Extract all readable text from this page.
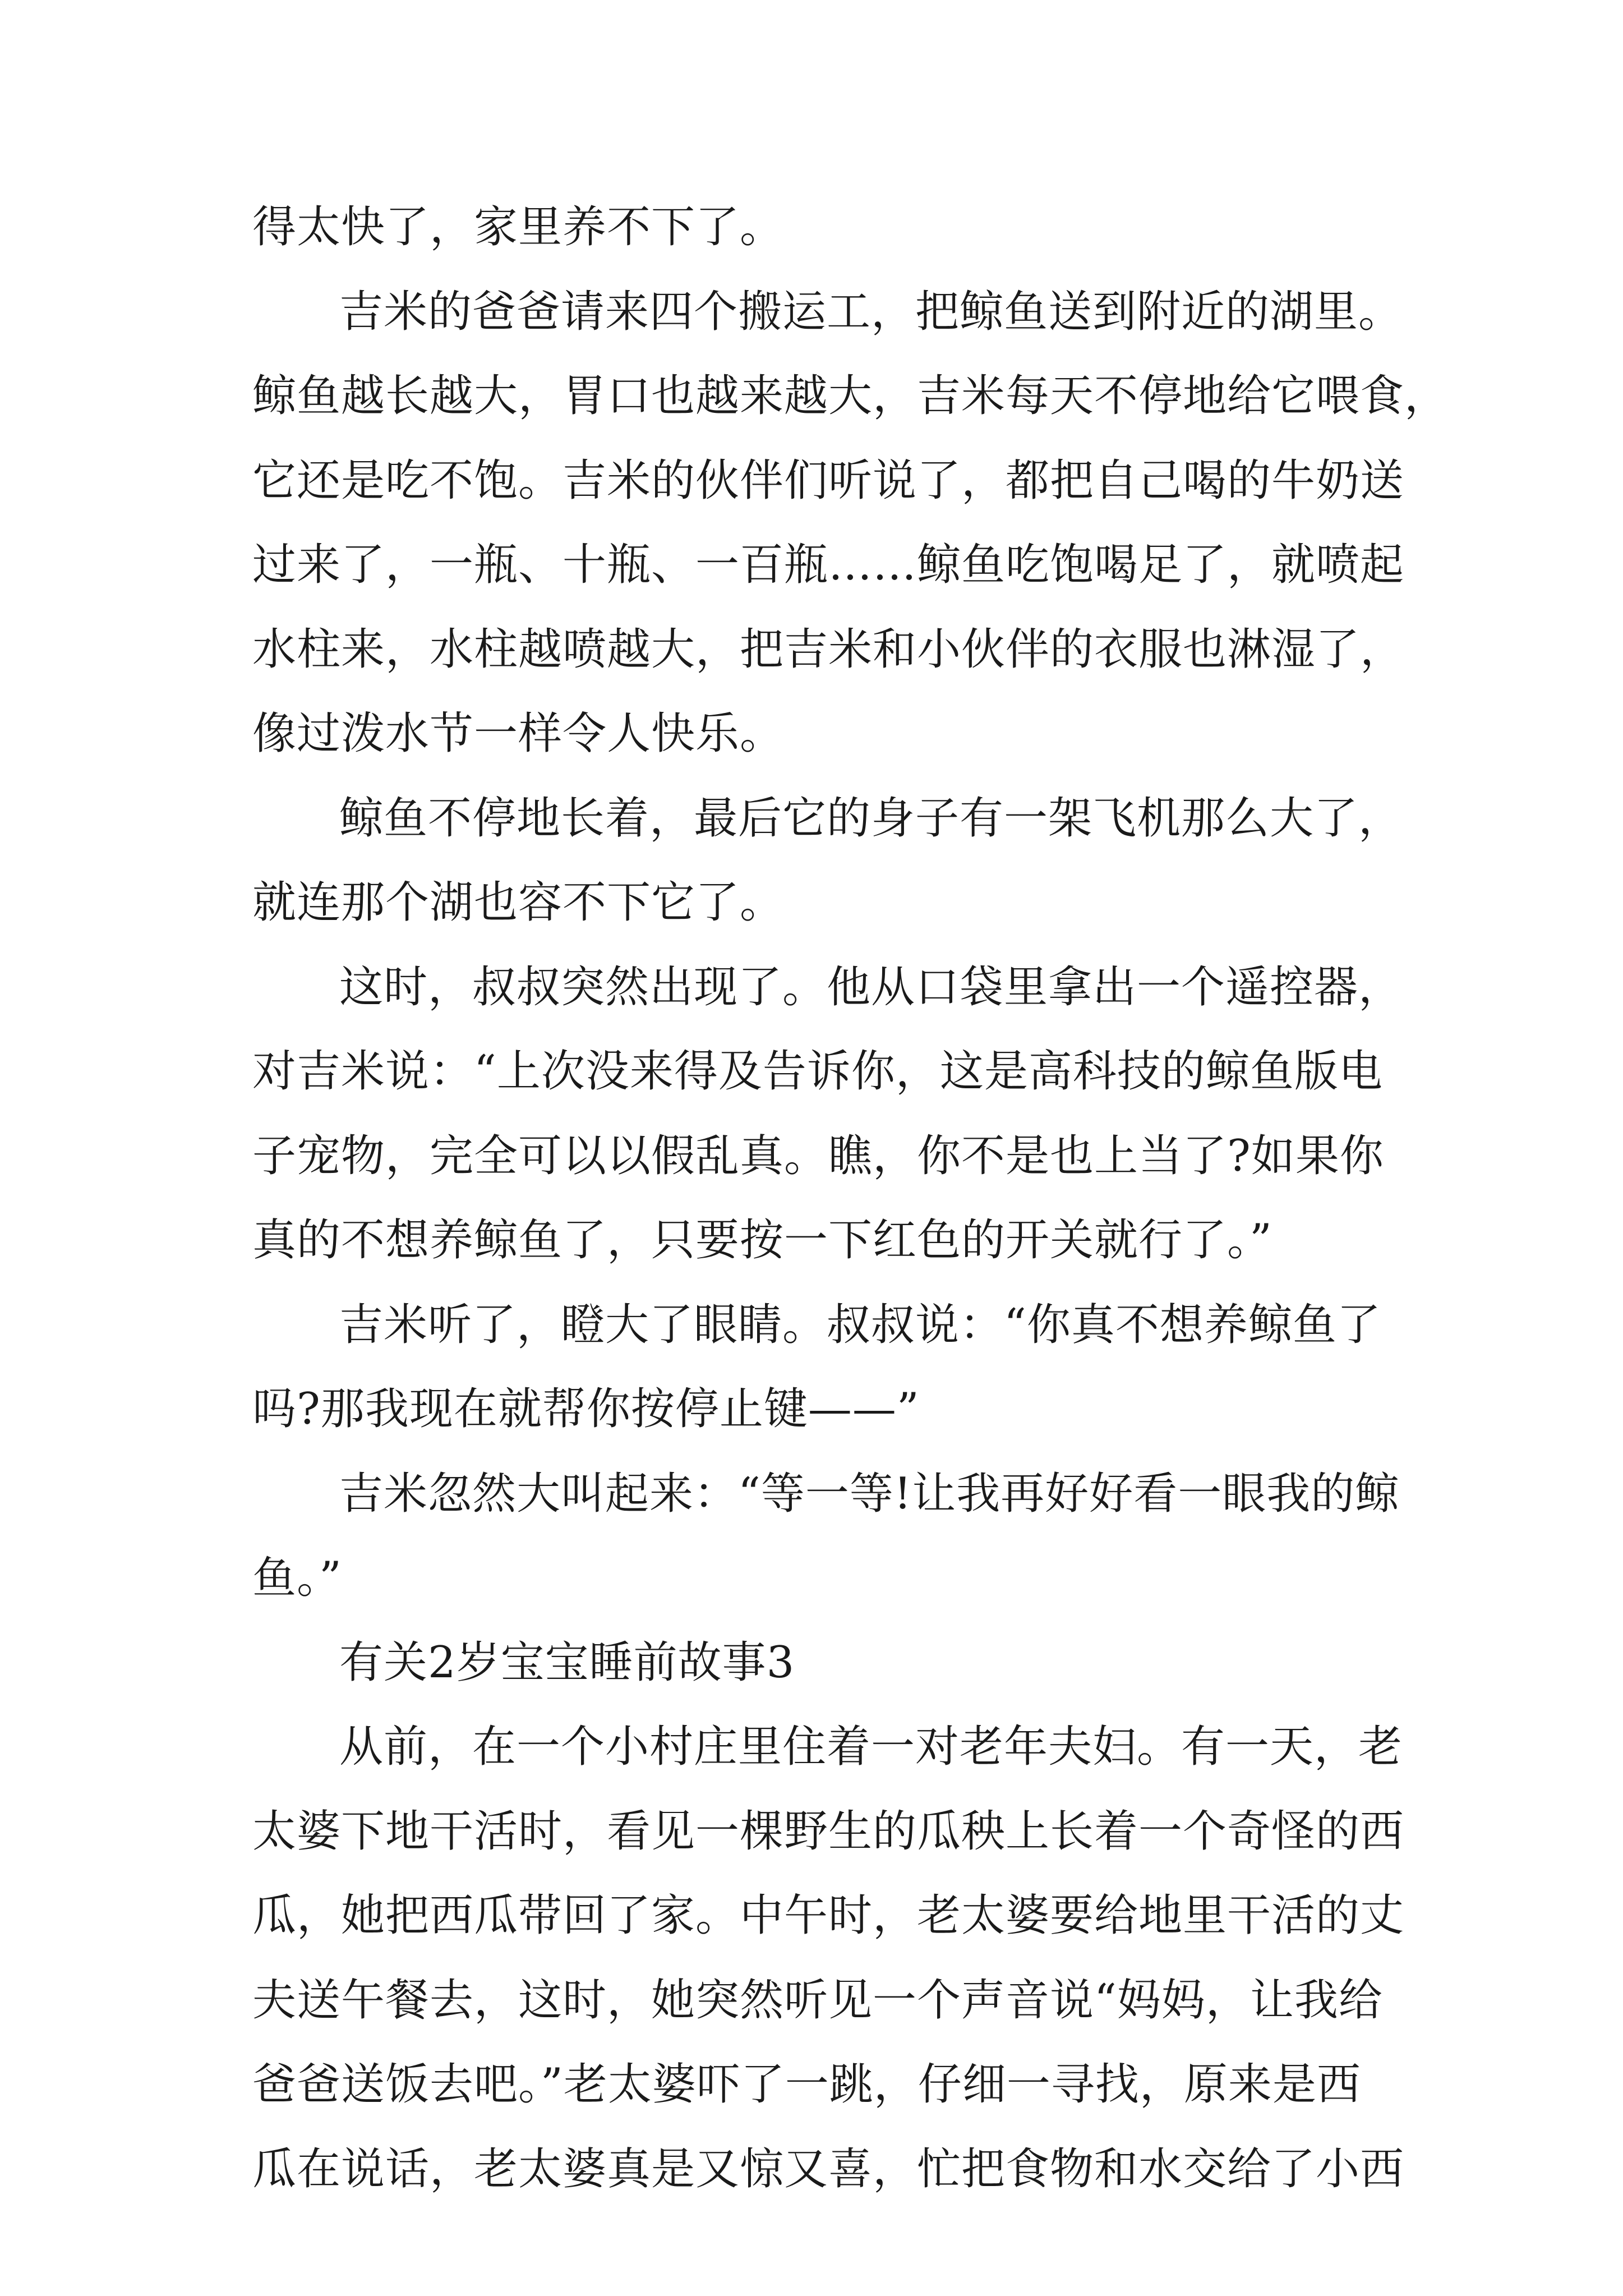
得太快了，家里养不下了。
吉米的爸爸请来四个搬运工，把鲸鱼送到附近的湖里。
鲸鱼越长越大，胃口也越来越大，吉米每天不停地给它喂食，
它还是吃不饱。吉米的伙伴们听说了，都把自己喝的牛奶送
过来了，一瓶、十瓶、一百瓶……鲸鱼吃饱喝足了，就喷起
水柱来，水柱越喷越大，把吉米和小伙伴的衣服也淋湿了，
像过泼水节一样令人快乐。
鲸鱼不停地长着，最后它的身子有一架飞机那么大了，
就连那个湖也容不下它了。
这时，叔叔突然出现了。他从口袋里拿出一个遥控器，
对吉米说：“上次没来得及告诉你，这是高科技的鲸鱼版电
子宠物，完全可以以假乱真。瞧，你不是也上当了?如果你
真的不想养鲸鱼了，只要按一下红色的开关就行了。”
吉米听了，瞪大了眼睛。叔叔说：“你真不想养鲸鱼了
吗?那我现在就帮你按停止键——”
吉米忽然大叫起来：“等一等!让我再好好看一眼我的鲸
鱼。”
有关2岁宝宝睡前故事3
从前，在一个小村庄里住着一对老年夫妇。有一天，老
太婆下地干活时，看见一棵野生的瓜秧上长着一个奇怪的西
瓜，她把西瓜带回了家。中午时，老太婆要给地里干活的丈
夫送午餐去，这时，她突然听见一个声音说“妈妈，让我给
爸爸送饭去吧。”老太婆吓了一跳，仔细一寻找，原来是西
瓜在说话，老太婆真是又惊又喜，忙把食物和水交给了小西
